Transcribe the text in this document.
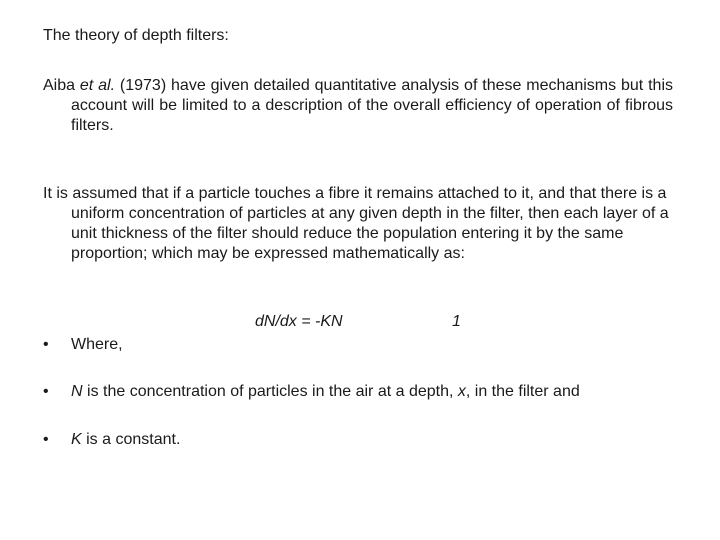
The theory of depth filters:
Aiba et al. (1973) have given detailed quantitative analysis of these mechanisms but this account will be limited to a description of the overall efficiency of operation of fibrous filters.
It is assumed that if a particle touches a fibre it remains attached to it, and that there is a uniform concentration of particles at any given depth in the filter, then each layer of a unit thickness of the filter should reduce the population entering it by the same proportion; which may be expressed mathematically as:
dN/dx = -KN	1
• Where,
• N is the concentration of particles in the air at a depth, x, in the filter and
• K is a constant.
